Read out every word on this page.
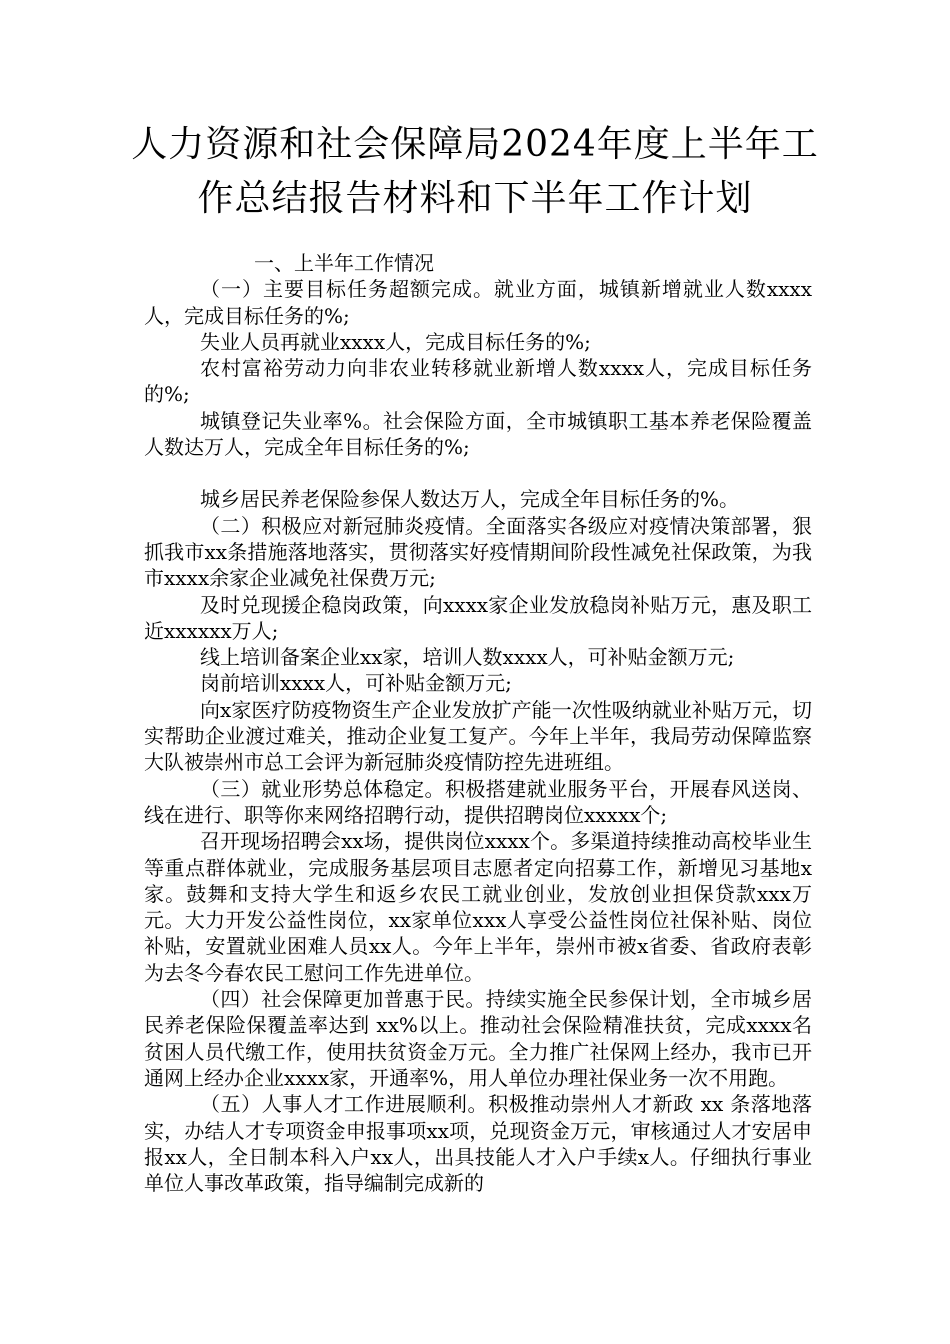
人力资源和社会保障局2024年度上半年工
作总结报告材料和下半年工作计划

一、上半年工作情况

（一）主要目标任务超额完成。就业方面，城镇新增就业人数xxxx人，完成目标任务的%;

失业人员再就业xxxx人，完成目标任务的%;

农村富裕劳动力向非农业转移就业新增人数xxxx人，完成目标任务的%;

城镇登记失业率%。社会保险方面，全市城镇职工基本养老保险覆盖人数达万人，完成全年目标任务的%;

城乡居民养老保险参保人数达万人，完成全年目标任务的%。

（二）积极应对新冠肺炎疫情。全面落实各级应对疫情决策部署，狠抓我市xx条措施落地落实，贯彻落实好疫情期间阶段性减免社保政策，为我市xxxx余家企业减免社保费万元;

及时兑现援企稳岗政策，向xxxx家企业发放稳岗补贴万元，惠及职工近xxxxxx万人;

线上培训备案企业xx家，培训人数xxxx人，可补贴金额万元;

岗前培训xxxx人，可补贴金额万元;

向x家医疗防疫物资生产企业发放扩产能一次性吸纳就业补贴万元，切实帮助企业渡过难关，推动企业复工复产。今年上半年，我局劳动保障监察大队被崇州市总工会评为新冠肺炎疫情防控先进班组。

（三）就业形势总体稳定。积极搭建就业服务平台，开展春风送岗、线在进行、职等你来网络招聘行动，提供招聘岗位xxxxx个;

召开现场招聘会xx场，提供岗位xxxx个。多渠道持续推动高校毕业生等重点群体就业，完成服务基层项目志愿者定向招募工作，新增见习基地x家。鼓舞和支持大学生和返乡农民工就业创业，发放创业担保贷款xxx万元。大力开发公益性岗位，xx家单位xxx人享受公益性岗位社保补贴、岗位补贴，安置就业困难人员xx人。今年上半年，崇州市被x省委、省政府表彰为去冬今春农民工慰问工作先进单位。

（四）社会保障更加普惠于民。持续实施全民参保计划，全市城乡居民养老保险保覆盖率达到 xx%以上。推动社会保险精准扶贫，完成xxxx名贫困人员代缴工作，使用扶贫资金万元。全力推广社保网上经办，我市已开通网上经办企业xxxx家，开通率%，用人单位办理社保业务一次不用跑。

（五）人事人才工作进展顺利。积极推动崇州人才新政 xx 条落地落实，办结人才专项资金申报事项xx项，兑现资金万元，审核通过人才安居申报xx人，全日制本科入户xx人，出具技能人才入户手续x人。仔细执行事业单位人事改革政策，指导编制完成新的
